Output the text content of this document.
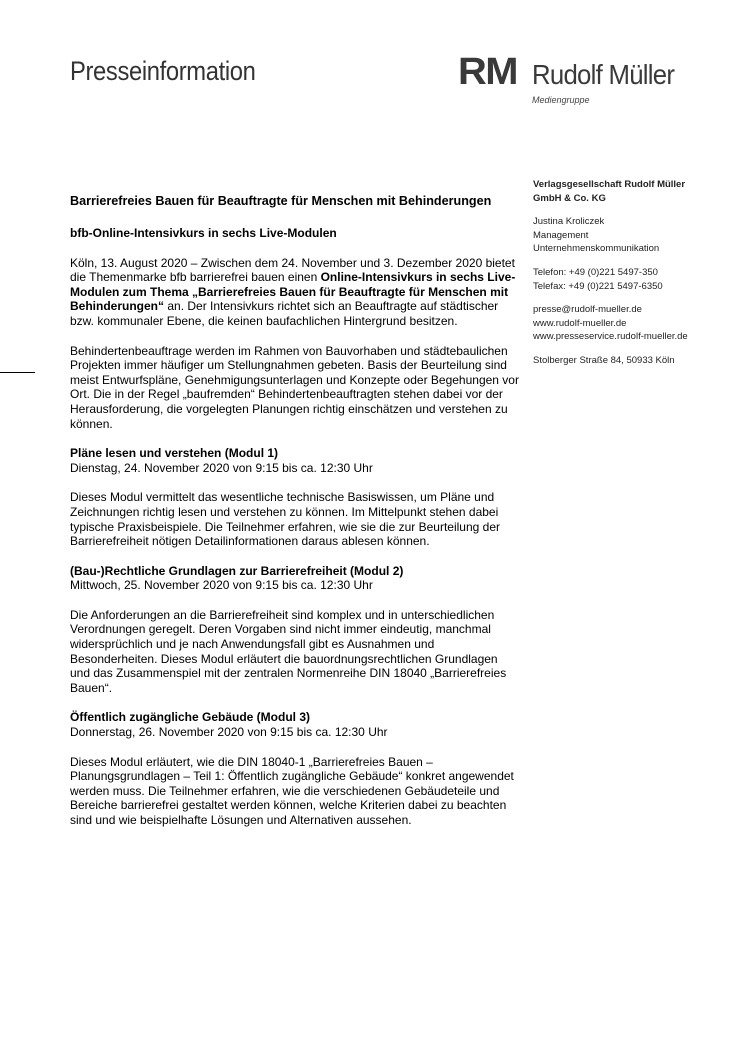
Presseinformation	RM Rudolf Müller
Mediengruppe
Verlagsgesellschaft Rudolf Müller
GmbH & Co. KG
Justina Kroliczek
Management
Unternehmenskommunikation
Telefon: +49 (0)221 5497-350
Telefax: +49 (0)221 5497-6350
presse@rudolf-mueller.de
www.rudolf-mueller.de
www.presseservice.rudolf-mueller.de
Stolberger Straße 84, 50933 Köln

Barrierefreies Bauen für Beauftragte für Menschen mit Behinderungen

bfb-Online-Intensivkurs in sechs Live-Modulen

Köln, 13. August 2020 – Zwischen dem 24. November und 3. Dezember 2020 bietet die Themenmarke bfb barrierefrei bauen einen Online-Intensivkurs in sechs Live-Modulen zum Thema „Barrierefreies Bauen für Beauftragte für Menschen mit Behinderungen“ an. Der Intensivkurs richtet sich an Beauftragte auf städtischer bzw. kommunaler Ebene, die keinen baufachlichen Hintergrund besitzen.

Behindertenbeauftrage werden im Rahmen von Bauvorhaben und städtebaulichen Projekten immer häufiger um Stellungnahmen gebeten. Basis der Beurteilung sind meist Entwurfspläne, Genehmigungsunterlagen und Konzepte oder Begehungen vor Ort. Die in der Regel „baufremden“ Behindertenbeauftragten stehen dabei vor der Herausforderung, die vorgelegten Planungen richtig einschätzen und verstehen zu können.

Pläne lesen und verstehen (Modul 1)

Dienstag, 24. November 2020 von 9:15 bis ca. 12:30 Uhr

Dieses Modul vermittelt das wesentliche technische Basiswissen, um Pläne und Zeichnungen richtig lesen und verstehen zu können. Im Mittelpunkt stehen dabei typische Praxisbeispiele. Die Teilnehmer erfahren, wie sie die zur Beurteilung der Barrierefreiheit nötigen Detailinformationen daraus ablesen können.

(Bau-)Rechtliche Grundlagen zur Barrierefreiheit (Modul 2)

Mittwoch, 25. November 2020 von 9:15 bis ca. 12:30 Uhr

Die Anforderungen an die Barrierefreiheit sind komplex und in unterschiedlichen Verordnungen geregelt. Deren Vorgaben sind nicht immer eindeutig, manchmal widersprüchlich und je nach Anwendungsfall gibt es Ausnahmen und Besonderheiten. Dieses Modul erläutert die bauordnungsrechtlichen Grundlagen und das Zusammenspiel mit der zentralen Normenreihe DIN 18040 „Barrierefreies Bauen“.

Öffentlich zugängliche Gebäude (Modul 3)

Donnerstag, 26. November 2020 von 9:15 bis ca. 12:30 Uhr

Dieses Modul erläutert, wie die DIN 18040-1 „Barrierefreies Bauen – Planungsgrundlagen – Teil 1: Öffentlich zugängliche Gebäude“ konkret angewendet werden muss. Die Teilnehmer erfahren, wie die verschiedenen Gebäudeteile und Bereiche barrierefrei gestaltet werden können, welche Kriterien dabei zu beachten sind und wie beispielhafte Lösungen und Alternativen aussehen.
